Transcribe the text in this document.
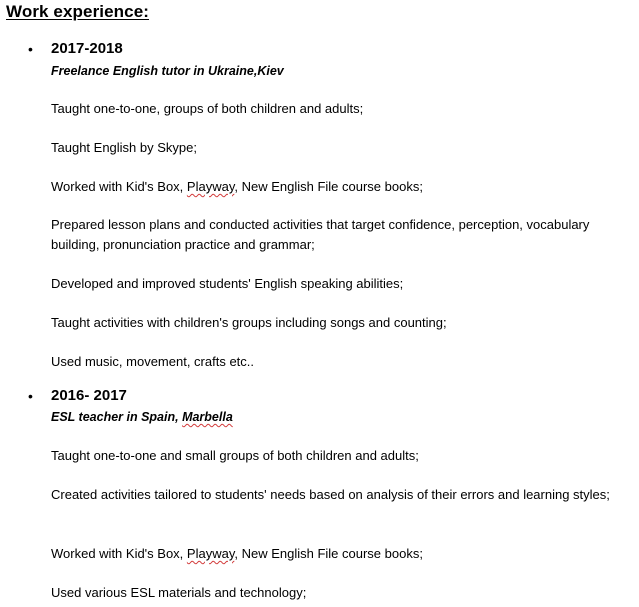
Work experience:
• 2017-2018
Freelance English tutor in Ukraine,Kiev
Taught one-to-one, groups of both children and adults;
Taught English by Skype;
Worked with Kid's Box, Playway, New English File course books;
Prepared lesson plans and conducted activities that target confidence, perception, vocabulary building, pronunciation practice and grammar;
Developed and improved students' English speaking abilities;
Taught activities with children's groups including songs and counting;
Used music, movement, crafts etc..
• 2016- 2017
ESL teacher in Spain, Marbella
Taught one-to-one and small groups of both children and adults;
Created activities tailored to students' needs based on analysis of their errors and learning styles;
Worked with Kid's Box, Playway, New English File course books;
Used various ESL materials and technology;
